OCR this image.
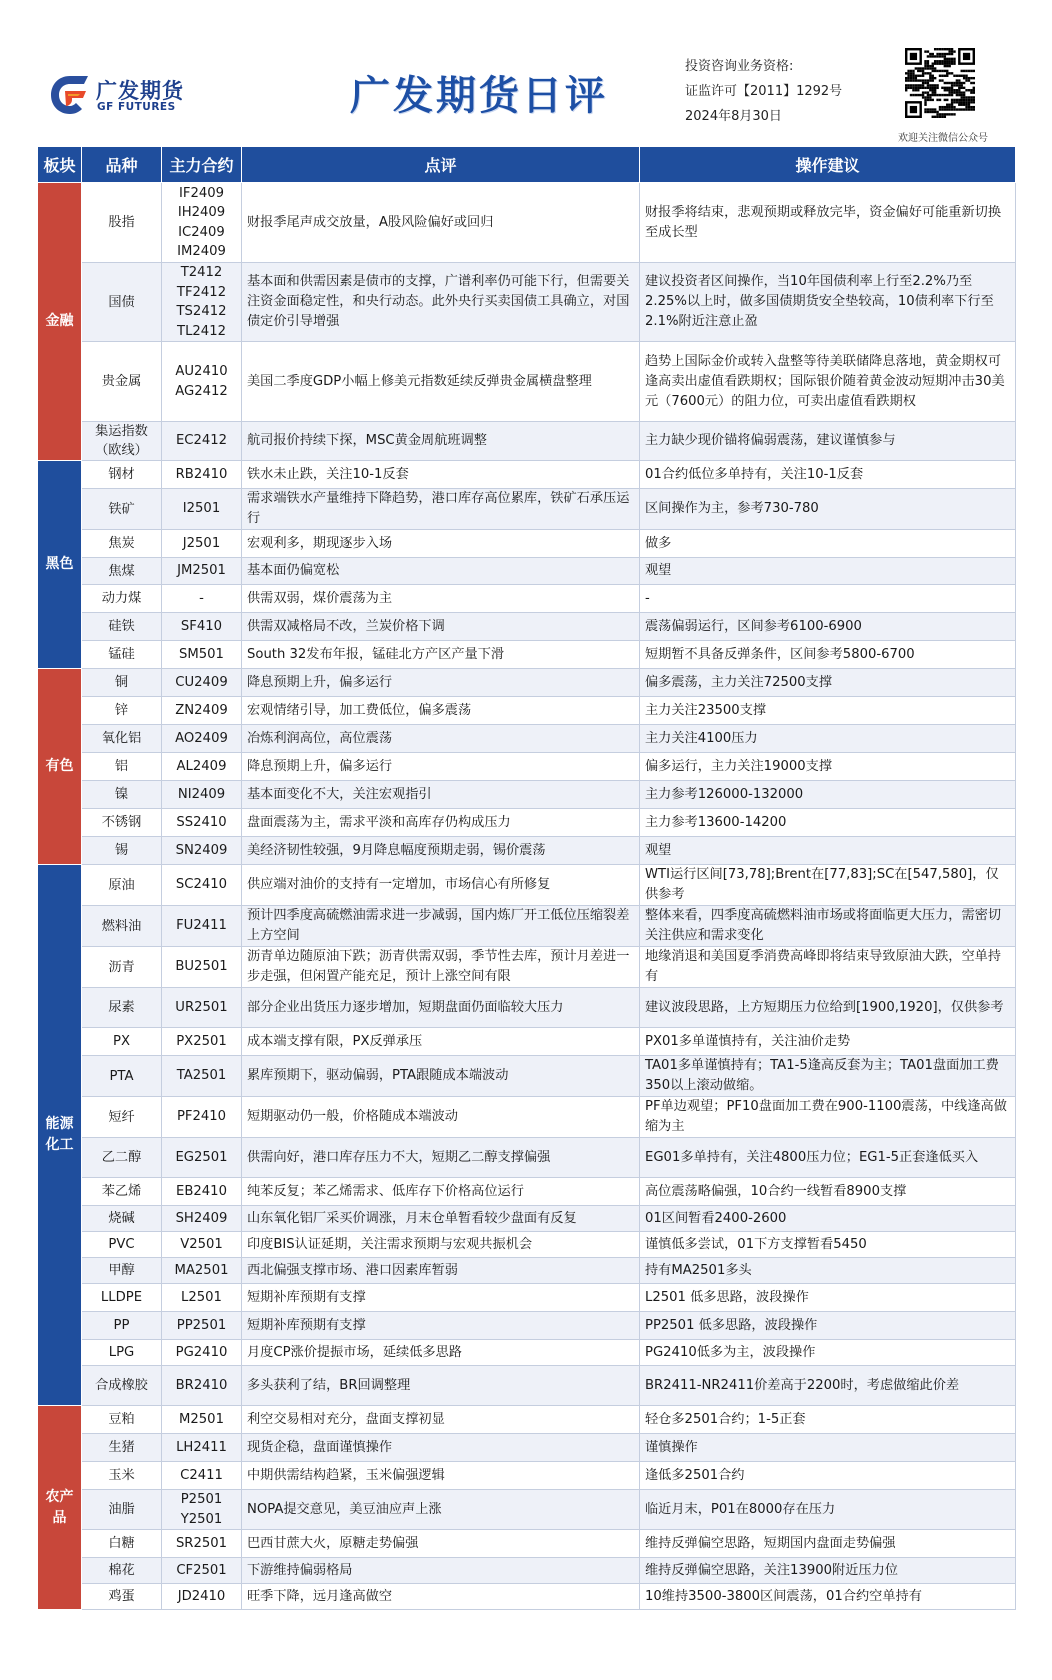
广发期货
GF FUTURES	广发期货日评
投资咨询业务资格:
证监许可【2011】1292号
2024年8月30日
欢迎关注微信公众号
板块	品种	主力合约	点评	操作建议
金融	股指	IF2409
IH2409
IC2409
IM2409	财报季尾声成交放量，A股风险偏好或回归	财报季将结束，悲观预期或释放完毕，资金偏好可能重新切换至成长型
	国债	T2412
TF2412
TS2412
TL2412	基本面和供需因素是债市的支撑，广谱利率仍可能下行，但需要关注资金面稳定性，和央行动态。此外央行买卖国债工具确立，对国债定价引导增强	建议投资者区间操作，当10年国债利率上行至2.2%乃至2.25%以上时，做多国债期货安全垫较高，10债利率下行至2.1%附近注意止盈
	贵金属	AU2410
AG2412	美国二季度GDP小幅上修美元指数延续反弹贵金属横盘整理	趋势上国际金价或转入盘整等待美联储降息落地，黄金期权可逢高卖出虚值看跌期权；国际银价随着黄金波动短期冲击30美元（7600元）的阻力位，可卖出虚值看跌期权
	集运指数
（欧线）	EC2412	航司报价持续下探，MSC黄金周航班调整	主力缺少现价锚将偏弱震荡，建议谨慎参与
黑色	钢材	RB2410	铁水未止跌，关注10-1反套	01合约低位多单持有，关注10-1反套
	铁矿	I2501	需求端铁水产量维持下降趋势，港口库存高位累库，铁矿石承压运行	区间操作为主，参考730-780
	焦炭	J2501	宏观利多，期现逐步入场	做多
	焦煤	JM2501	基本面仍偏宽松	观望
	动力煤	-	供需双弱，煤价震荡为主	-
	硅铁	SF410	供需双减格局不改，兰炭价格下调	震荡偏弱运行，区间参考6100-6900
	锰硅	SM501	South 32发布年报，锰硅北方产区产量下滑	短期暂不具备反弹条件，区间参考5800-6700
有色	铜	CU2409	降息预期上升，偏多运行	偏多震荡，主力关注72500支撑
	锌	ZN2409	宏观情绪引导，加工费低位，偏多震荡	主力关注23500支撑
	氧化铝	AO2409	冶炼利润高位，高位震荡	主力关注4100压力
	铝	AL2409	降息预期上升，偏多运行	偏多运行，主力关注19000支撑
	镍	NI2409	基本面变化不大，关注宏观指引	主力参考126000-132000
	不锈钢	SS2410	盘面震荡为主，需求平淡和高库存仍构成压力	主力参考13600-14200
	锡	SN2409	美经济韧性较强，9月降息幅度预期走弱，锡价震荡	观望
能源
化工	原油	SC2410	供应端对油价的支持有一定增加，市场信心有所修复	WTI运行区间[73,78];Brent在[77,83];SC在[547,580]，仅供参考
	燃料油	FU2411	预计四季度高硫燃油需求进一步减弱，国内炼厂开工低位压缩裂差上方空间	整体来看，四季度高硫燃料油市场或将面临更大压力，需密切关注供应和需求变化
	沥青	BU2501	沥青单边随原油下跌；沥青供需双弱，季节性去库，预计月差进一步走强，但闲置产能充足，预计上涨空间有限	地缘消退和美国夏季消费高峰即将结束导致原油大跌，空单持有
	尿素	UR2501	部分企业出货压力逐步增加，短期盘面仍面临较大压力	建议波段思路，上方短期压力位给到[1900,1920]，仅供参考
	PX	PX2501	成本端支撑有限，PX反弹承压	PX01多单谨慎持有，关注油价走势
	PTA	TA2501	累库预期下，驱动偏弱，PTA跟随成本端波动	TA01多单谨慎持有；TA1-5逢高反套为主；TA01盘面加工费350以上滚动做缩。
	短纤	PF2410	短期驱动仍一般，价格随成本端波动	PF单边观望；PF10盘面加工费在900-1100震荡，中线逢高做缩为主
	乙二醇	EG2501	供需向好，港口库存压力不大，短期乙二醇支撑偏强	EG01多单持有，关注4800压力位；EG1-5正套逢低买入
	苯乙烯	EB2410	纯苯反复；苯乙烯需求、低库存下价格高位运行	高位震荡略偏强，10合约一线暂看8900支撑
	烧碱	SH2409	山东氧化铝厂采买价调涨，月末仓单暂看较少盘面有反复	01区间暂看2400-2600
	PVC	V2501	印度BIS认证延期，关注需求预期与宏观共振机会	谨慎低多尝试，01下方支撑暂看5450
	甲醇	MA2501	西北偏强支撑市场、港口因素库暂弱	持有MA2501多头
	LLDPE	L2501	短期补库预期有支撑	L2501 低多思路，波段操作
	PP	PP2501	短期补库预期有支撑	PP2501 低多思路，波段操作
	LPG	PG2410	月度CP涨价提振市场，延续低多思路	PG2410低多为主，波段操作
	合成橡胶	BR2410	多头获利了结，BR回调整理	BR2411-NR2411价差高于2200时，考虑做缩此价差
农产品	豆粕	M2501	利空交易相对充分，盘面支撑初显	轻仓多2501合约；1-5正套
	生猪	LH2411	现货企稳，盘面谨慎操作	谨慎操作
	玉米	C2411	中期供需结构趋紧，玉米偏强逻辑	逢低多2501合约
	油脂	P2501
Y2501	NOPA提交意见，美豆油应声上涨	临近月末，P01在8000存在压力
	白糖	SR2501	巴西甘蔗大火，原糖走势偏强	维持反弹偏空思路，短期国内盘面走势偏强
	棉花	CF2501	下游维持偏弱格局	维持反弹偏空思路，关注13900附近压力位
	鸡蛋	JD2410	旺季下降，远月逢高做空	10维持3500-3800区间震荡，01合约空单持有
